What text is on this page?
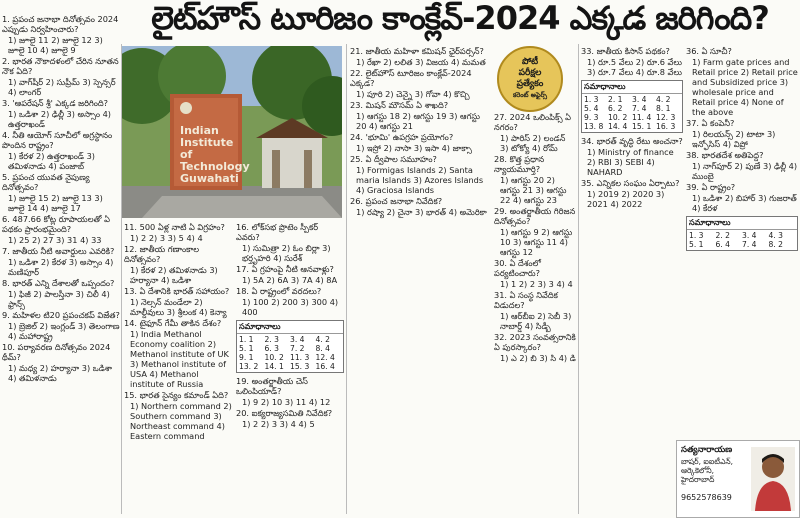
లైట్‌హౌస్ టూరిజం కాంక్లేవ్-2024 ఎక్కడ జరిగింది?
Indian
Institute
of
Technology
Guwahati

1. ప్రపంచ జనాభా దినోత్సవం 2024 ఎప్పుడు నిర్వహించారు?

1) జూలై 11 2) జూలై 12 3) జూలై 10 4) జూలై 9

2. భారత నౌకాదళంలో చేరిన నూతన నౌక ఏది?

1) వాగ్‌షీర్ 2) సుప్రీమ్ 3) స్పెన్సర్ 4) లాంగర్

3. 'ఆపరేషన్ శ్రీ' ఎక్కడ జరిగింది?

1) ఒడిశా 2) ఢిల్లీ 3) అస్సాం 4) ఉత్తరాఖండ్

4. నీతి ఆయోగ్ సూచీలో అగ్రస్థానం పొందిన రాష్ట్రం?

1) కేరళ 2) ఉత్తరాఖండ్ 3) తమిళనాడు 4) పంజాబ్

5. ప్రపంచ యువత నైపుణ్య దినోత్సవం?

1) జూలై 15 2) జూలై 13 3) జూలై 14 4) జూలై 17

6. 487.66 కోట్ల రూపాయలతో ఏ పథకం ప్రారంభమైంది?

1) 25 2) 27 3) 31 4) 33

7. జాతీయ నీటి అవార్డులు ఎవరికి?

1) ఒడిశా 2) కేరళ 3) అస్సాం 4) మణిపూర్

8. భారత్ ఎన్ని దేశాలతో ఒప్పందం?

1) ఫిజీ 2) పాలస్తీనా 3) చిలీ 4) ఫ్రాన్స్

9. మహిళల టి20 ప్రపంచకప్ విజేత?

1) బ్రెజిల్ 2) ఇంగ్లండ్ 3) తెలంగాణ 4) మహారాష్ట్ర

10. పర్యావరణ దినోత్సవం 2024 థీమ్?

1) మధ్య 2) హర్యానా 3) ఒడిశా 4) తమిళనాడు

11. 500 ఏళ్ల నాటి ఏ విగ్రహం?

1) 2 2) 3 3) 5 4) 4

12. జాతీయ గణాంకాల దినోత్సవం?

1) కేరళ 2) తమిళనాడు 3) హర్యానా 4) ఒడిశా

13. ఏ దేశానికి భారత్ సహాయం?

1) నెల్సన్ మండేలా 2) మాల్దీవులు 3) శ్రీలంక 4) కెన్యా

14. టైఫూన్ గేమీ తాకిన దేశం?

1) India Methanol Economy coalition 2) Methanol institute of UK 3) Methanol institute of USA 4) Methanol institute of Russia

15. భారత సైన్యం కమాండ్ ఏది?

1) Northern command 2) Southern command 3) Northeast command 4) Eastern command

16. లోక్‌సభ ప్రొటెం స్పీకర్ ఎవరు?

1) సుమిత్రా 2) ఓం బిర్లా 3) భర్తృహరి 4) సురేశ్

17. ఏ గ్రహంపై నీటి ఆనవాళ్లు?

1) 5A 2) 6A 3) 7A 4) 8A

18. ఏ రాష్ట్రంలో వరదలు?

1) 100 2) 200 3) 300 4) 400

సమాధానాలు
1. 1	2. 3	3. 4	4. 2
5. 1	6. 3	7. 2	8. 4
9. 1	10. 2 11. 3 12. 4
13. 2 14. 1 15. 3 16. 4

19. అంతర్జాతీయ చెస్ ఒలింపియాడ్?

1) 9 2) 10 3) 11 4) 12

20. ఐక్యరాజ్యసమితి నివేదిక?

1) 2 2) 3 3) 4 4) 5

పోటీ
పరీక్షల
ప్రత్యేకం
కరెంట్ అఫైర్స్

21. జాతీయ మహిళా కమిషన్ ఛైర్‌పర్సన్?

1) రేఖా 2) లలిత 3) విజయ 4) మమత

22. లైట్‌హౌస్ టూరిజం కాంక్లేవ్-2024 ఎక్కడ?

1) పూరి 2) చెన్నై 3) గోవా 4) కొచ్చి

23. మిషన్ మౌసమ్ ఏ శాఖది?

1) ఆగస్టు 18 2) ఆగస్టు 19 3) ఆగస్టు 20 4) ఆగస్టు 21

24. 'భూమి' ఉపగ్రహ ప్రయోగం?

1) ఇస్రో 2) నాసా 3) ఇసా 4) జాక్సా

25. ఏ ద్వీపాల సమూహం?

1) Formigas Islands 2) Santa maria Islands 3) Azores Islands 4) Graciosa Islands

26. ప్రపంచ జనాభా నివేదిక?

1) రష్యా 2) చైనా 3) భారత్ 4) అమెరికా

27. 2024 ఒలింపిక్స్ ఏ నగరం?

1) పారిస్ 2) లండన్ 3) టోక్యో 4) రోమ్

28. కొత్త ప్రధాన న్యాయమూర్తి?

1) ఆగస్టు 20 2) ఆగస్టు 21 3) ఆగస్టు 22 4) ఆగస్టు 23

29. అంతర్జాతీయ గిరిజన దినోత్సవం?

1) ఆగస్టు 9 2) ఆగస్టు 10 3) ఆగస్టు 11 4) ఆగస్టు 12

30. ఏ దేశంలో పర్యటించారు?

1) 1 2) 2 3) 3 4) 4

31. ఏ సంస్థ నివేదిక విడుదల?

1) ఆర్‌బీఐ 2) సెబీ 3) నాబార్డ్ 4) సిడ్బీ

32. 2023 సంవత్సరానికి ఏ పురస్కారం?

1) ఎ 2) బి 3) సి 4) డి

33. జాతీయ కిసాన్ పథకం?

1) రూ.5 వేలు 2) రూ.6 వేలు 3) రూ.7 వేలు 4) రూ.8 వేలు

సమాధానాలు
1. 3	2. 1	3. 4	4. 2
5. 4	6. 2	7. 4	8. 1
9. 3	10. 2 11. 4 12. 3
13. 8 14. 4 15. 1 16. 3

34. భారత్ వృద్ధి రేటు అంచనా?

1) Ministry of finance 2) RBI 3) SEBI 4) NAHARD

35. ఎన్నికల సంఘం ఏర్పాటు?

1) 2019 2) 2020 3) 2021 4) 2022

36. ఏ సూచీ?

1) Farm gate prices and Retail price 2) Retail price and Subsidized price 3) wholesale price and Retail price 4) None of the above

37. ఏ కంపెనీ?

1) రిలయన్స్ 2) టాటా 3) ఇన్ఫోసిస్ 4) విప్రో

38. భారతదేశ అతిపెద్ద?

1) నాగ్‌పూర్ 2) పుణే 3) ఢిల్లీ 4) ముంబై

39. ఏ రాష్ట్రం?

1) ఒడిశా 2) బిహార్ 3) గుజరాత్ 4) కేరళ

సమాధానాలు
1. 3	2. 2	3. 4	4. 3
5. 1	6. 4	7. 4	8. 2
సత్యనారాయణ
బాషర్, ఐఐటీఎన్, ఆర్కెకెలోనీ, హైదరాబాద్
9652578639
